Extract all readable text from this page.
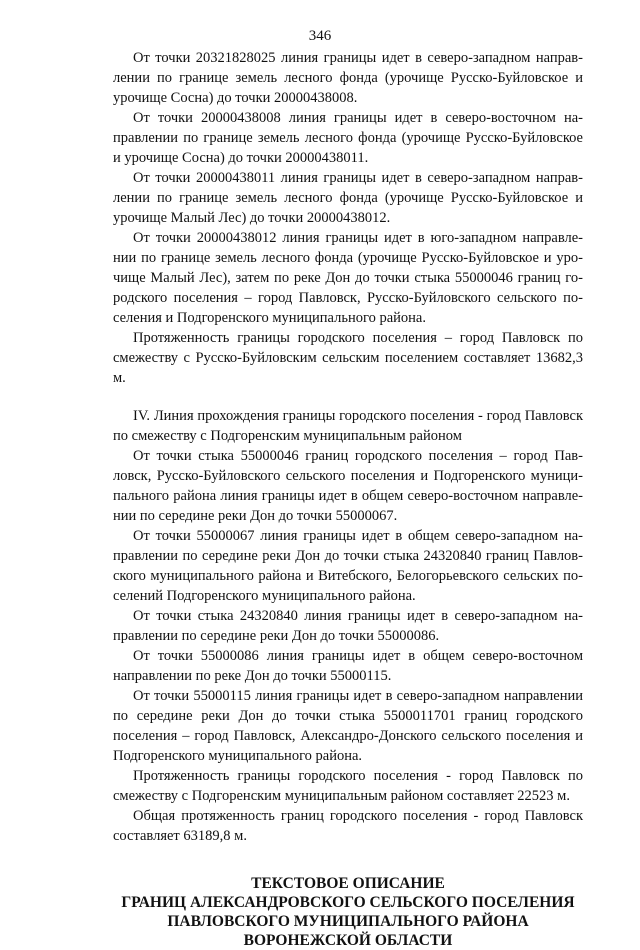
346

От точки 20321828025 линия границы идет в северо-западном направлении по границе земель лесного фонда (урочище Русско-Буйловское и урочище Сосна) до точки 20000438008.

От точки 20000438008 линия границы идет в северо-восточном направлении по границе земель лесного фонда (урочище Русско-Буйловское и урочище Сосна) до точки 20000438011.

От точки 20000438011 линия границы идет в северо-западном направлении по границе земель лесного фонда (урочище Русско-Буйловское и урочище Малый Лес) до точки 20000438012.

От точки 20000438012 линия границы идет в юго-западном направлении по границе земель лесного фонда (урочище Русско-Буйловское и урочище Малый Лес), затем по реке Дон до точки стыка 55000046 границ городского поселения – город Павловск, Русско-Буйловского сельского поселения и Подгоренского муниципального района.

Протяженность границы городского поселения – город Павловск по смежеству с Русско-Буйловским сельским поселением составляет 13682,3 м.

IV. Линия прохождения границы городского поселения - город Павловск по смежеству с Подгоренским муниципальным районом

От точки стыка 55000046 границ городского поселения – город Павловск, Русско-Буйловского сельского поселения и Подгоренского муниципального района линия границы идет в общем северо-восточном направлении по середине реки Дон до точки 55000067.

От точки 55000067 линия границы идет в общем северо-западном направлении по середине реки Дон до точки стыка 24320840 границ Павловского муниципального района и Витебского, Белогорьевского сельских поселений Подгоренского муниципального района.

От точки стыка 24320840 линия границы идет в северо-западном направлении по середине реки Дон до точки 55000086.

От точки 55000086 линия границы идет в общем северо-восточном направлении по реке Дон до точки 55000115.

От точки 55000115 линия границы идет в северо-западном направлении по середине реки Дон до точки стыка 5500011701 границ городского поселения – город Павловск, Александро-Донского сельского поселения и Подгоренского муниципального района.

Протяженность границы городского поселения - город Павловск по смежеству с Подгоренским муниципальным районом составляет 22523 м.

Общая протяженность границ городского поселения - город Павловск составляет 63189,8 м.

ТЕКСТОВОЕ ОПИСАНИЕ
ГРАНИЦ АЛЕКСАНДРОВСКОГО СЕЛЬСКОГО ПОСЕЛЕНИЯ
ПАВЛОВСКОГО МУНИЦИПАЛЬНОГО РАЙОНА
ВОРОНЕЖСКОЙ ОБЛАСТИ
